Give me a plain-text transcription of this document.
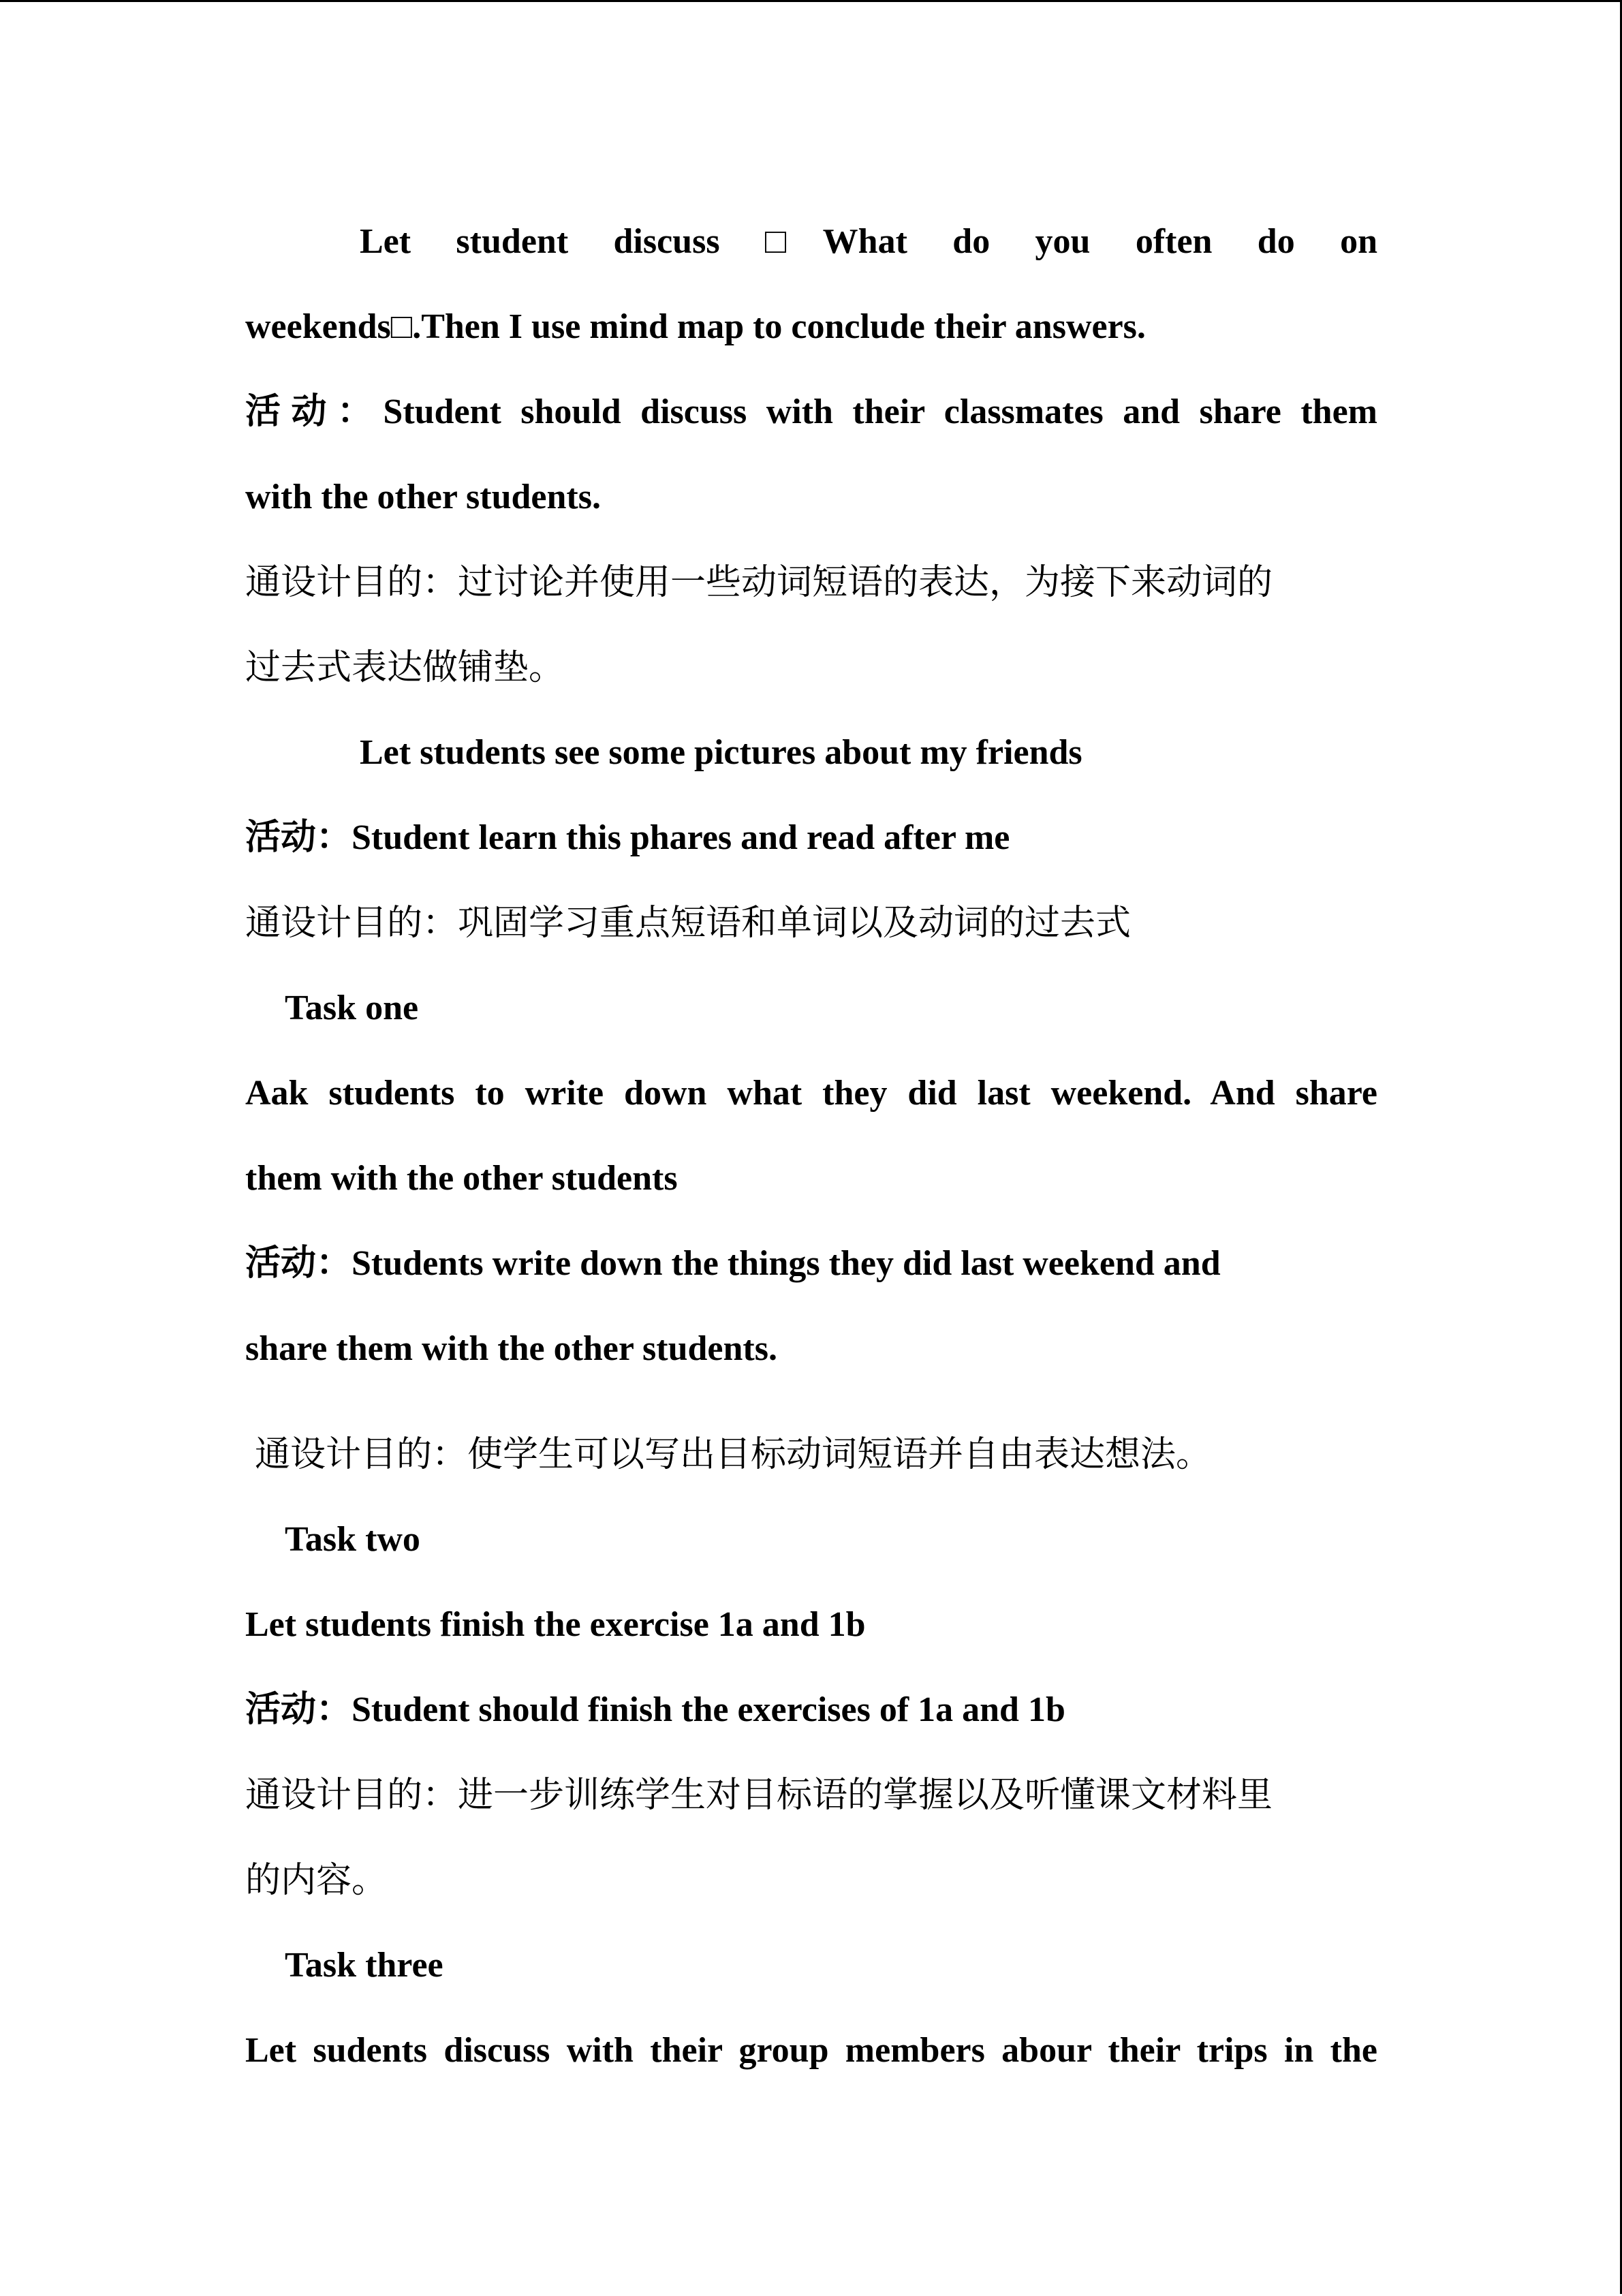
Let student discuss □What do you often do on
weekends□.Then I use mind map to conclude their answers.
活动：Student should discuss with their classmates and share them
with the other students.
通设计目的：过讨论并使用一些动词短语的表达，为接下来动词的
过去式表达做铺垫。
Let students see some pictures about my friends
活动：Student learn this phares and read after me
通设计目的：巩固学习重点短语和单词以及动词的过去式
Task one
Aak students to write down what they did last weekend. And share
them with the other students
活动：Students write down the things they did last weekend and
share them with the other students.
通设计目的：使学生可以写出目标动词短语并自由表达想法。
Task two
Let students finish the exercise 1a and 1b
活动：Student should finish the exercises of 1a and 1b
通设计目的：进一步训练学生对目标语的掌握以及听懂课文材料里
的内容。
Task three
Let sudents discuss with their group members abour their trips in the
